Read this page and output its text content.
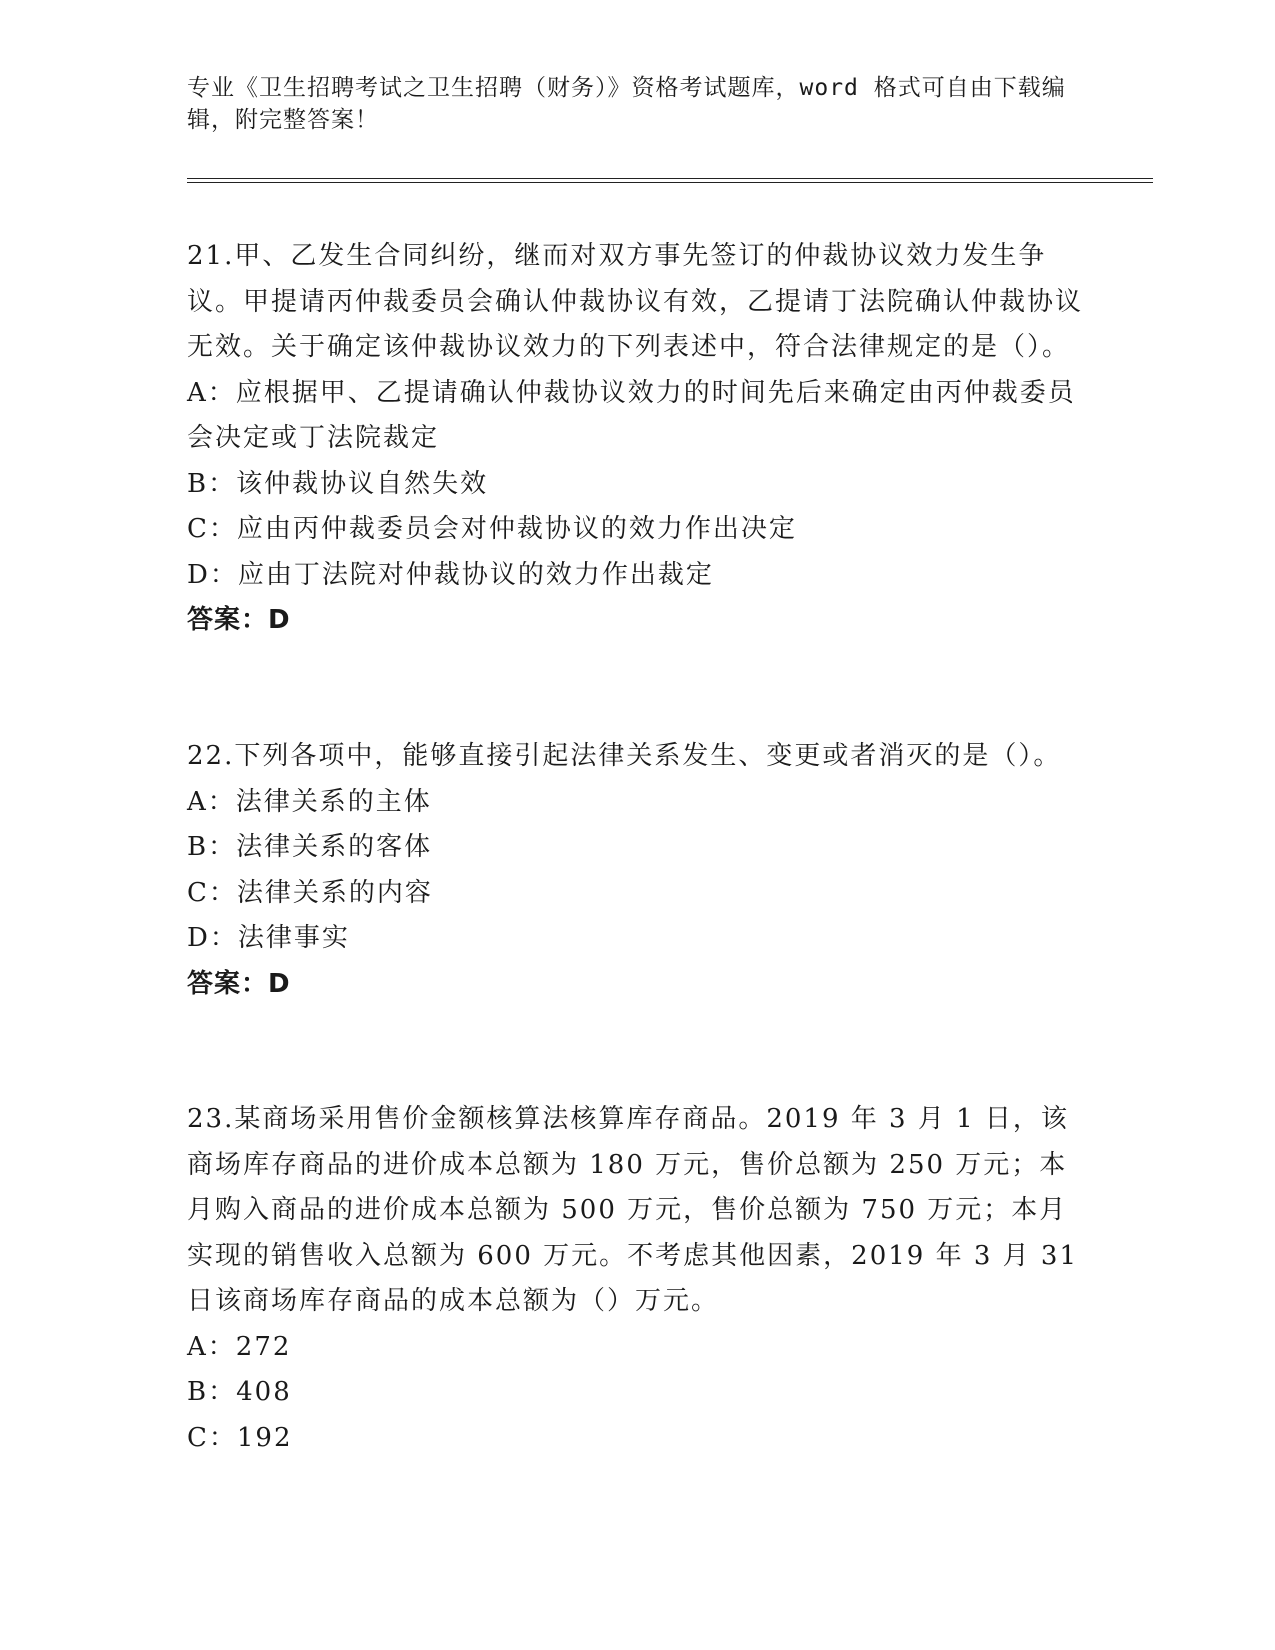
专业《卫生招聘考试之卫生招聘（财务）》资格考试题库，word 格式可自由下载编辑，附完整答案！

21.甲、乙发生合同纠纷，继而对双方事先签订的仲裁协议效力发生争议。甲提请丙仲裁委员会确认仲裁协议有效，乙提请丁法院确认仲裁协议无效。关于确定该仲裁协议效力的下列表述中，符合法律规定的是（）。

A：应根据甲、乙提请确认仲裁协议效力的时间先后来确定由丙仲裁委员会决定或丁法院裁定

B：该仲裁协议自然失效

C：应由丙仲裁委员会对仲裁协议的效力作出决定

D：应由丁法院对仲裁协议的效力作出裁定

答案：D

22.下列各项中，能够直接引起法律关系发生、变更或者消灭的是（）。

A：法律关系的主体

B：法律关系的客体

C：法律关系的内容

D：法律事实

答案：D

23.某商场采用售价金额核算法核算库存商品。2019 年 3 月 1 日，该商场库存商品的进价成本总额为 180 万元，售价总额为 250 万元；本月购入商品的进价成本总额为 500 万元，售价总额为 750 万元；本月实现的销售收入总额为 600 万元。不考虑其他因素，2019 年 3 月 31 日该商场库存商品的成本总额为（）万元。

A：272

B：408

C：192
